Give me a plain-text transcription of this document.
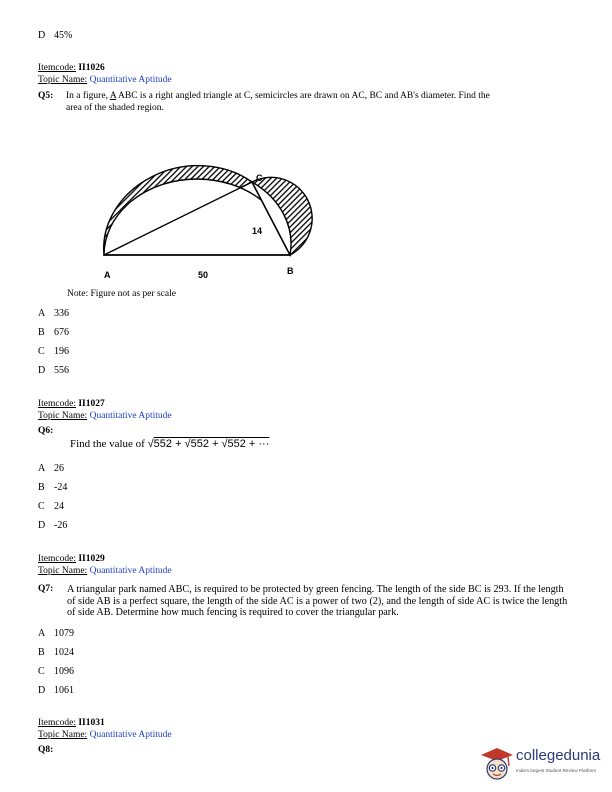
D 45%
Itemcode: II1026
Topic Name: Quantitative Aptitude
Q5: In a figure, A ABC is a right angled triangle at C, semicircles are drawn on AC, BC and AB's diameter. Find the
area of the shaded region.
A	50	B
C
14
Note: Figure not as per scale
A 336
B 676
C 196
D 556
Itemcode: II1027
Topic Name: Quantitative Aptitude
Q6:
Find the value of √552 + √552 + √552 + ···
A 26
B -24
C 24
D -26
Itemcode: II1029
Topic Name: Quantitative Aptitude
Q7: A triangular park named ABC, is required to be protected by green fencing. The length of the side BC is 293. If the length of side AB is a perfect square, the length of the side AC is a power of two (2), and the length of side AC is twice the length of side AB. Determine how much fencing is required to cover the triangular park.
A 1079
B 1024
C 1096
D 1061
Itemcode: II1031
Topic Name: Quantitative Aptitude
Q8:	collegedunia
India's largest Student Review Platform
